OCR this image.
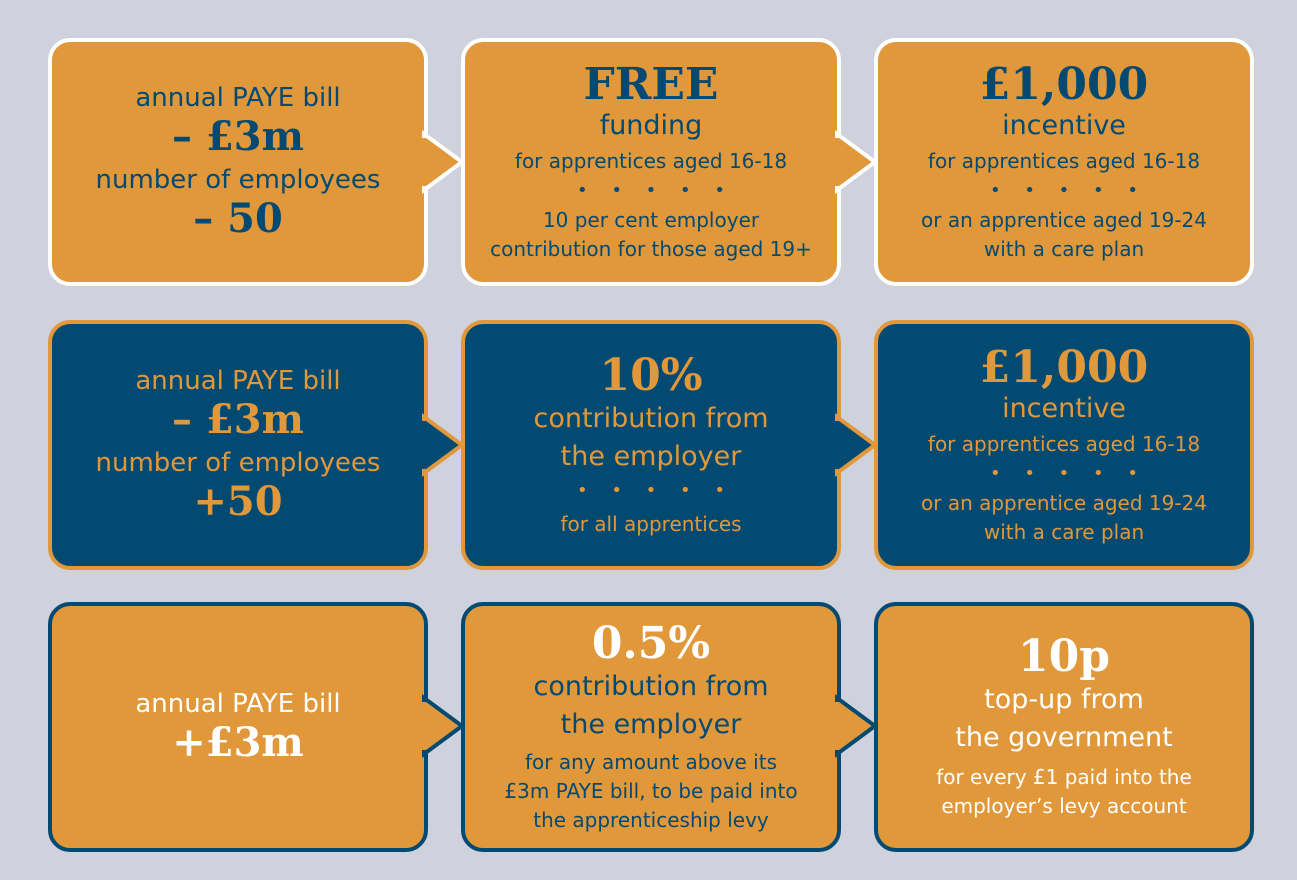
annual PAYE bill
– £3m
number of employees
– 50
FREE
funding
for apprentices aged 16-18
• • • • •
10 per cent employer
contribution for those aged 19+
£1,000
incentive
for apprentices aged 16-18
• • • • •
or an apprentice aged 19-24
with a care plan
annual PAYE bill
– £3m
number of employees
+50
10%
contribution from
the employer
• • • • •
for all apprentices
£1,000
incentive
for apprentices aged 16-18
• • • • •
or an apprentice aged 19-24
with a care plan
annual PAYE bill
+£3m
0.5%
contribution from
the employer
for any amount above its
£3m PAYE bill, to be paid into
the apprenticeship levy
10p
top-up from
the government
for every £1 paid into the
employer’s levy account
